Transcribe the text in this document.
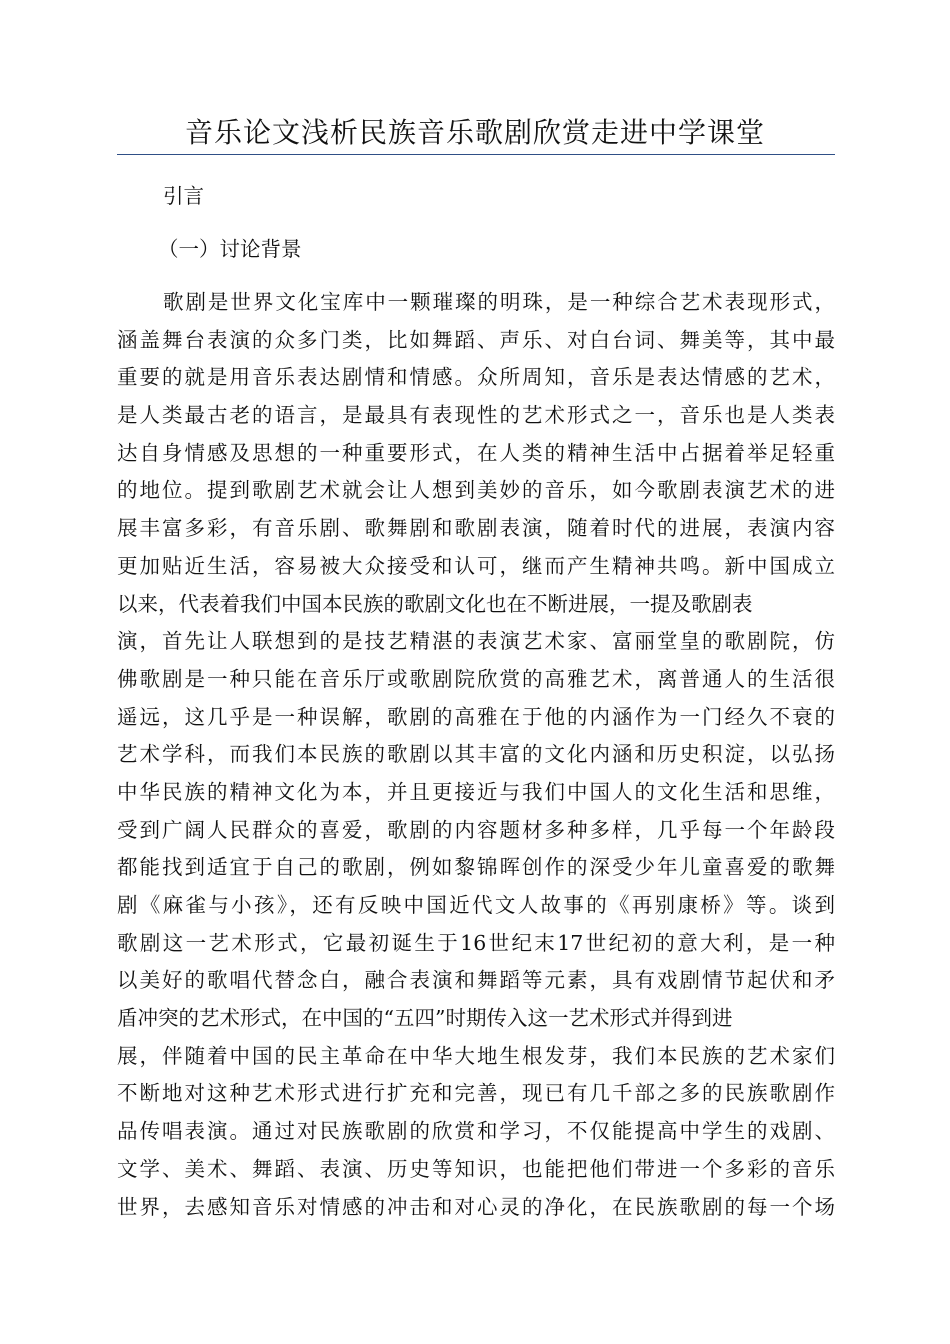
音乐论文浅析民族音乐歌剧欣赏走进中学课堂
引言
（一）讨论背景
歌剧是世界文化宝库中一颗璀璨的明珠，是一种综合艺术表现形式，
涵盖舞台表演的众多门类，比如舞蹈、声乐、对白台词、舞美等，其中最
重要的就是用音乐表达剧情和情感。众所周知，音乐是表达情感的艺术，
是人类最古老的语言，是最具有表现性的艺术形式之一，音乐也是人类表
达自身情感及思想的一种重要形式，在人类的精神生活中占据着举足轻重
的地位。提到歌剧艺术就会让人想到美妙的音乐，如今歌剧表演艺术的进
展丰富多彩，有音乐剧、歌舞剧和歌剧表演，随着时代的进展，表演内容
更加贴近生活，容易被大众接受和认可，继而产生精神共鸣。新中国成立
以来，代表着我们中国本民族的歌剧文化也在不断进展，一提及歌剧表
演，首先让人联想到的是技艺精湛的表演艺术家、富丽堂皇的歌剧院，仿
佛歌剧是一种只能在音乐厅或歌剧院欣赏的高雅艺术，离普通人的生活很
遥远，这几乎是一种误解，歌剧的高雅在于他的内涵作为一门经久不衰的
艺术学科，而我们本民族的歌剧以其丰富的文化内涵和历史积淀，以弘扬
中华民族的精神文化为本，并且更接近与我们中国人的文化生活和思维，
受到广阔人民群众的喜爱，歌剧的内容题材多种多样，几乎每一个年龄段
都能找到适宜于自己的歌剧，例如黎锦晖创作的深受少年儿童喜爱的歌舞
剧《麻雀与小孩》，还有反映中国近代文人故事的《再别康桥》等。谈到
歌剧这一艺术形式，它最初诞生于16世纪末17世纪初的意大利，是一种
以美好的歌唱代替念白，融合表演和舞蹈等元素，具有戏剧情节起伏和矛
盾冲突的艺术形式，在中国的“五四”时期传入这一艺术形式并得到进
展，伴随着中国的民主革命在中华大地生根发芽，我们本民族的艺术家们
不断地对这种艺术形式进行扩充和完善，现已有几千部之多的民族歌剧作
品传唱表演。通过对民族歌剧的欣赏和学习，不仅能提高中学生的戏剧、
文学、美术、舞蹈、表演、历史等知识，也能把他们带进一个多彩的音乐
世界，去感知音乐对情感的冲击和对心灵的净化，在民族歌剧的每一个场
